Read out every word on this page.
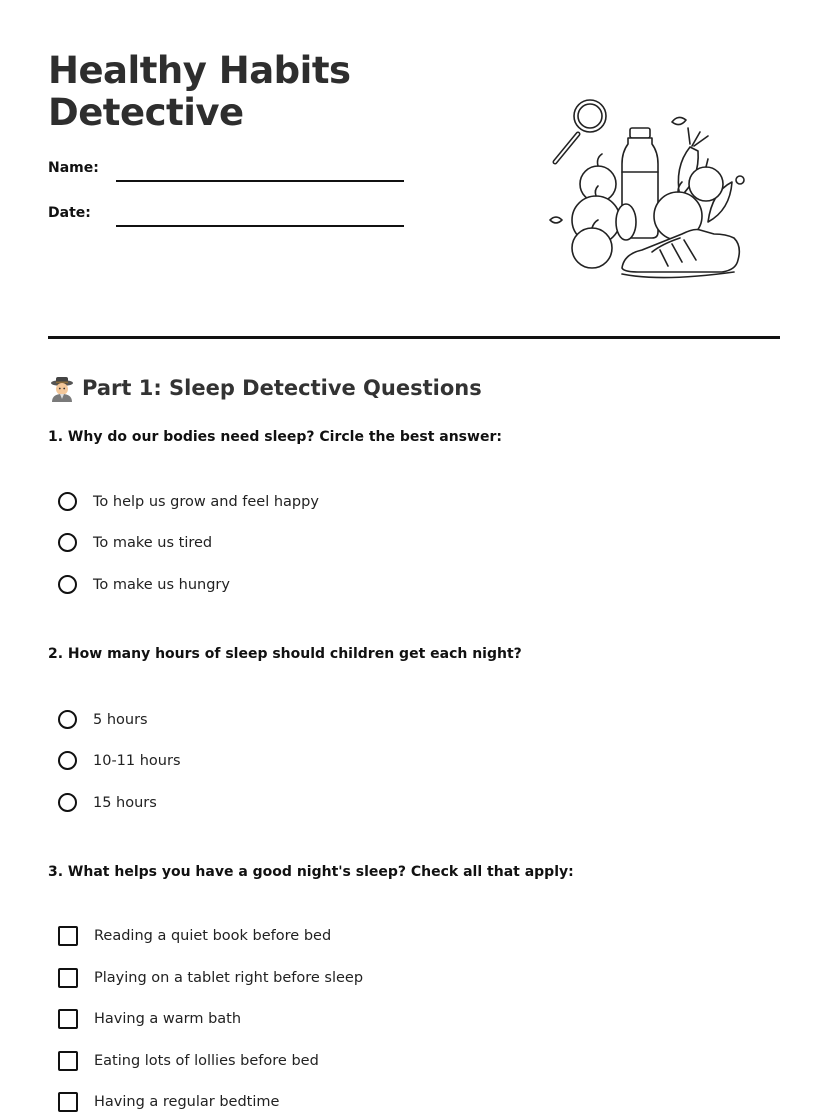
Healthy Habits
Detective
Name:
Date:
Part 1: Sleep Detective Questions
1. Why do our bodies need sleep? Circle the best answer:
To help us grow and feel happy
To make us tired
To make us hungry
2. How many hours of sleep should children get each night?
5 hours
10-11 hours
15 hours
3. What helps you have a good night's sleep? Check all that apply:
Reading a quiet book before bed
Playing on a tablet right before sleep
Having a warm bath
Eating lots of lollies before bed
Having a regular bedtime
